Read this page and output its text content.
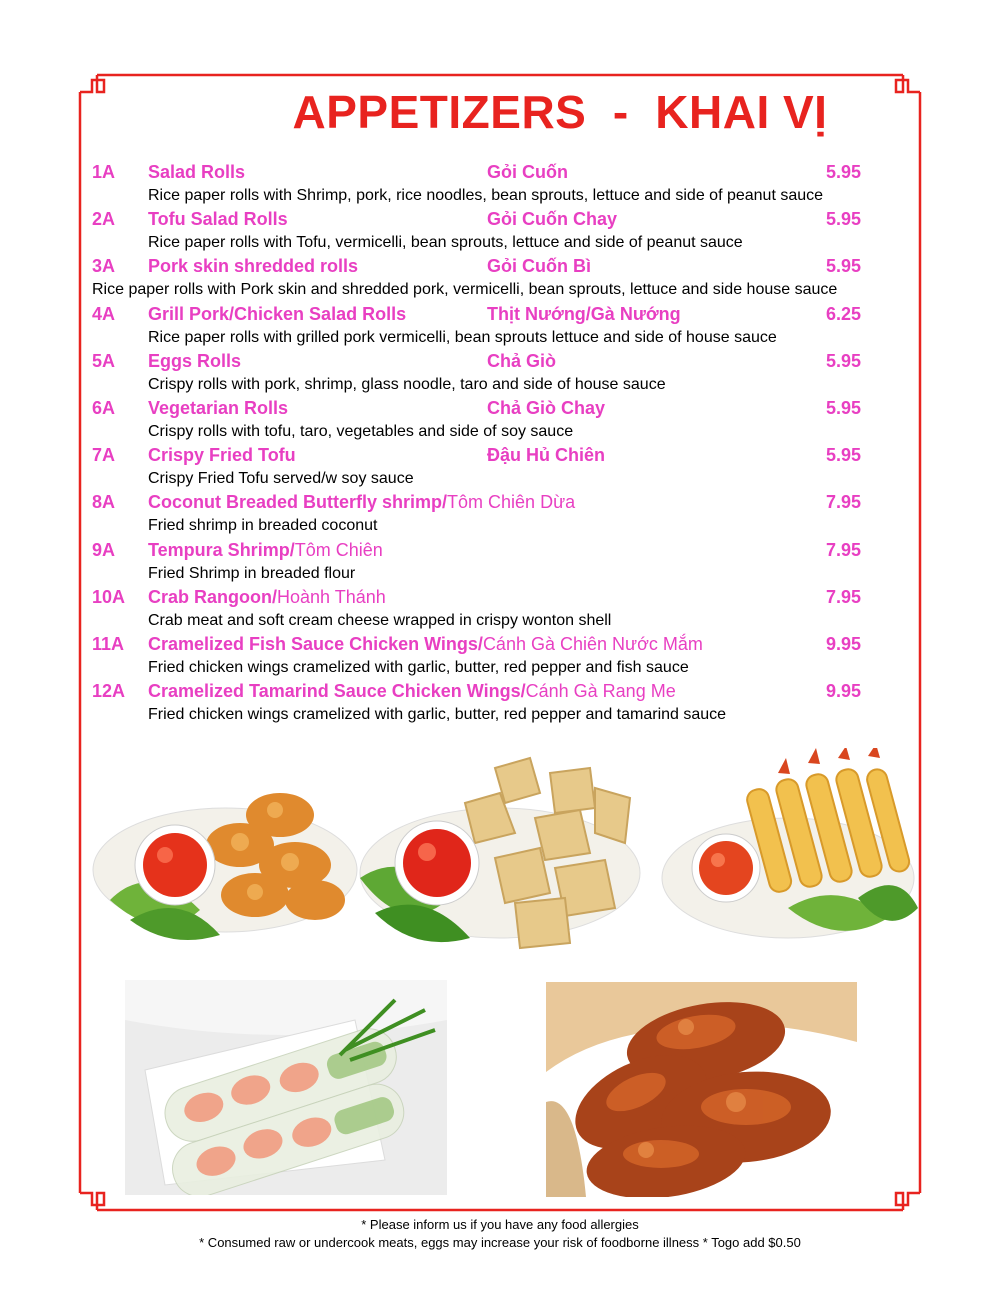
APPETIZERS  -  KHAI VỊ
1A Salad Rolls	Gỏi Cuốn	5.95
Rice paper rolls with Shrimp, pork, rice noodles, bean sprouts, lettuce and side of peanut sauce
2A Tofu Salad Rolls	Gỏi Cuốn Chay	5.95
Rice paper rolls with Tofu, vermicelli, bean sprouts, lettuce and side of peanut sauce
3A Pork skin shredded rolls	Gỏi Cuốn Bì	5.95
Rice paper rolls with Pork skin and shredded pork, vermicelli, bean sprouts, lettuce and side house sauce
4A Grill Pork/Chicken Salad Rolls	Thịt Nướng/Gà Nướng	6.25
Rice paper rolls with grilled pork vermicelli, bean sprouts lettuce and side of house sauce
5A Eggs Rolls	Chả Giò	5.95
Crispy rolls with pork, shrimp, glass noodle, taro and side of house sauce
6A Vegetarian Rolls	Chả Giò Chay	5.95
Crispy rolls with tofu, taro, vegetables and side of soy sauce
7A Crispy Fried Tofu	Đậu Hủ Chiên	5.95
Crispy Fried Tofu served/w soy sauce
8A Coconut Breaded Butterfly shrimp/Tôm Chiên Dừa	7.95
Fried shrimp in breaded coconut
9A Tempura Shrimp/Tôm Chiên	7.95
Fried Shrimp in breaded flour
10A Crab Rangoon/Hoành Thánh	7.95
Crab meat and soft cream cheese wrapped in crispy wonton shell
11A Cramelized Fish Sauce Chicken Wings/Cánh Gà Chiên Nước Mắm	9.95
Fried chicken wings cramelized with garlic, butter, red pepper and fish sauce
12A Cramelized Tamarind Sauce Chicken Wings/Cánh Gà Rang Me	9.95
Fried chicken wings cramelized with garlic, butter, red pepper and tamarind sauce
* Please inform us if you have any food allergies
* Consumed raw or undercook meats, eggs may increase your risk of foodborne illness * Togo add $0.50
